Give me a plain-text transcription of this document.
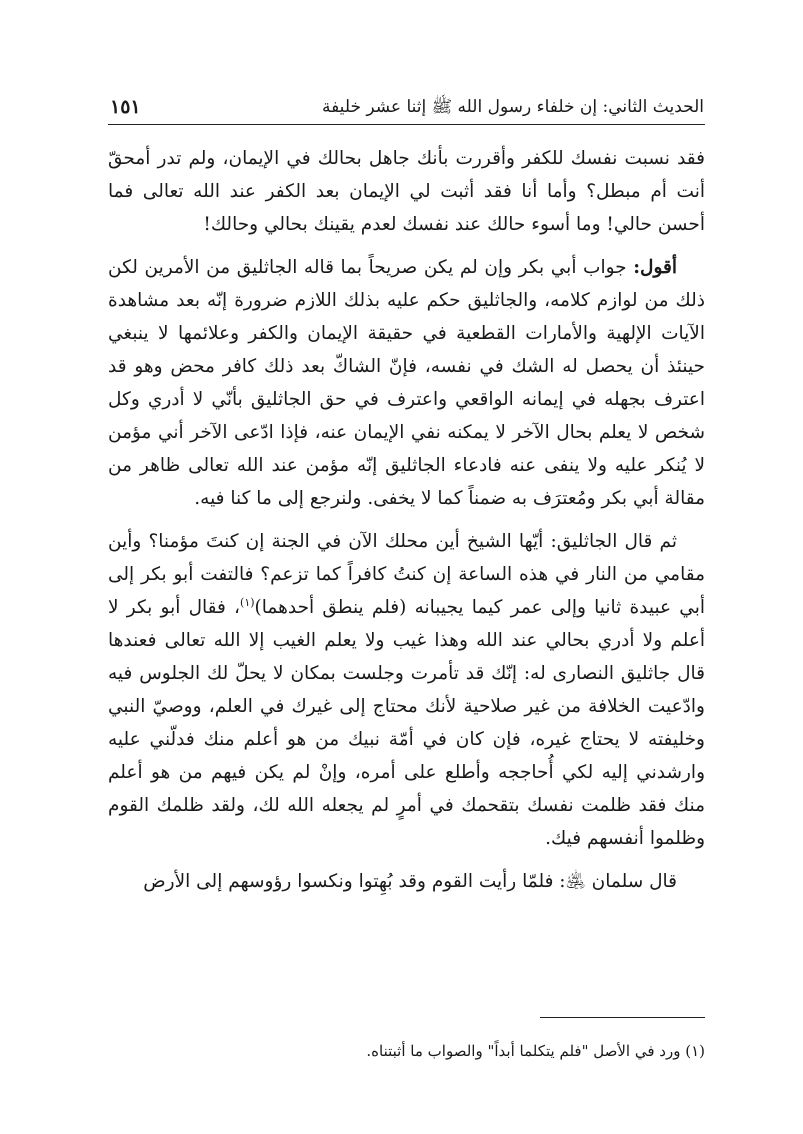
الحديث الثاني: إن خلفاء رسول الله ﷺ إثنا عشر خليفة
١٥١

فقد نسبت نفسك للكفر وأقررت بأنك جاهل بحالك في الإيمان، ولم تدر أمحقّ أنت أم مبطل؟ وأما أنا فقد أثبت لي الإيمان بعد الكفر عند الله تعالى فما أحسن حالي! وما أسوء حالك عند نفسك لعدم يقينك بحالي وحالك!

أقول: جواب أبي بكر وإن لم يكن صريحاً بما قاله الجاثليق من الأمرين لكن ذلك من لوازم كلامه، والجاثليق حكم عليه بذلك اللازم ضرورة إنّه بعد مشاهدة الآيات الإلهية والأمارات القطعية في حقيقة الإيمان والكفر وعلائمها لا ينبغي حينئذ أن يحصل له الشك في نفسه، فإنّ الشاكّ بعد ذلك كافر محض وهو قد اعترف بجهله في إيمانه الواقعي واعترف في حق الجاثليق بأنّي لا أدري وكل شخص لا يعلم بحال الآخر لا يمكنه نفي الإيمان عنه، فإذا ادّعى الآخر أني مؤمن لا يُنكر عليه ولا ينفى عنه فادعاء الجاثليق إنّه مؤمن عند الله تعالى ظاهر من مقالة أبي بكر ومُعترَف به ضمناً كما لا يخفى. ولنرجع إلى ما كنا فيه.

ثم قال الجاثليق: أيّها الشيخ أين محلك الآن في الجنة إن كنتَ مؤمنا؟ وأين مقامي من النار في هذه الساعة إن كنتُ كافراً كما تزعم؟ فالتفت أبو بكر إلى أبي عبيدة ثانيا وإلى عمر كيما يجيبانه (فلم ينطق أحدهما)$^{(١)}$، فقال أبو بكر لا أعلم ولا أدري بحالي عند الله وهذا غيب ولا يعلم الغيب إلا الله تعالى فعندها قال جاثليق النصارى له: إنّك قد تأمرت وجلست بمكان لا يحلّ لك الجلوس فيه وادّعيت الخلافة من غير صلاحية لأنك محتاج إلى غيرك في العلم، ووصيّ النبي وخليفته لا يحتاج غيره، فإن كان في أمّة نبيك من هو أعلم منك فدلّني عليه وارشدني إليه لكي أُحاججه وأطلع على أمره، وإنْ لم يكن فيهم من هو أعلم منك فقد ظلمت نفسك بتقحمك في أمرٍ لم يجعله الله لك، ولقد ظلمك القوم وظلموا أنفسهم فيك.

قال سلمان ﵁: فلمّا رأيت القوم وقد بُهِتوا ونكسوا رؤوسهم إلى الأرض

(١) ورد في الأصل "فلم يتكلما أبداً" والصواب ما أثبتناه.
